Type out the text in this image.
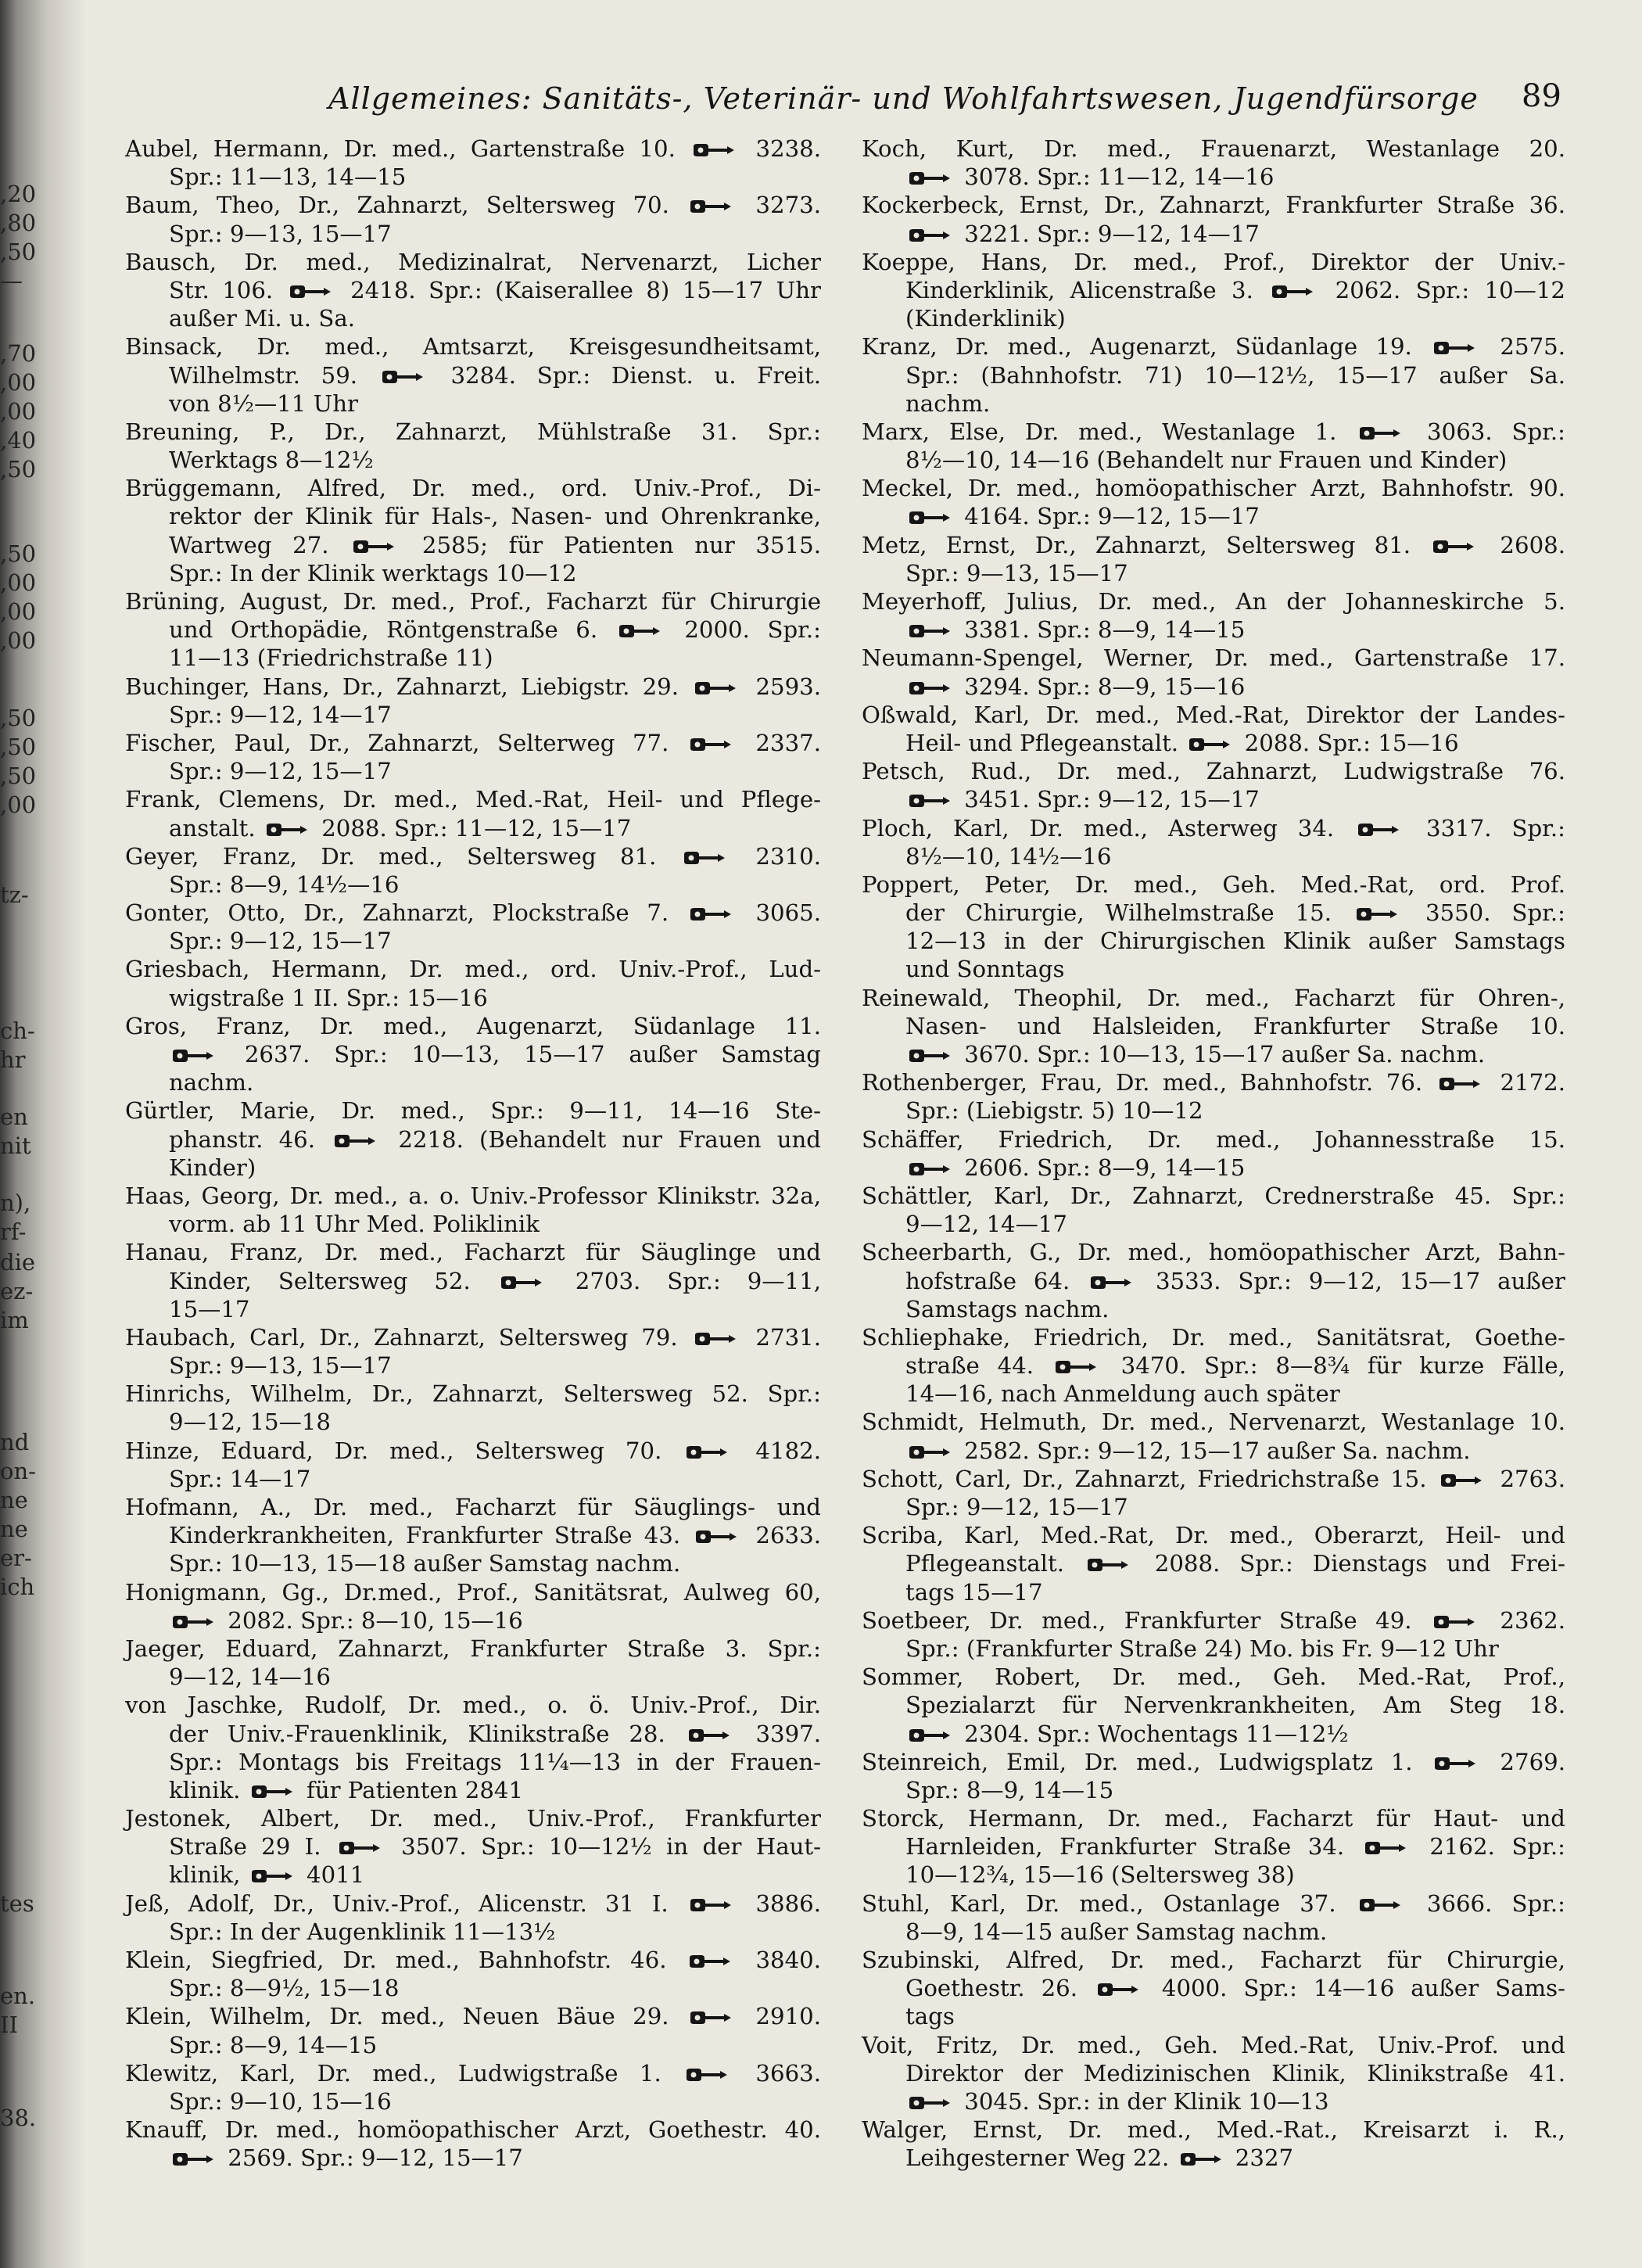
,20
,80
,50
—
,70
,00
,00
,40
,50
,50
,00
,00
,00
,50
,50
,50
,00
tz-
ch-
hr
en
nit
n),
rf-
die
ez-
im
nd
on-
ne
ne
er-
ich
tes
en.
II
38.
Allgemeines: Sanitäts-, Veterinär- und Wohlfahrtswesen, Jugendfürsorge 89
Aubel, Hermann, Dr. med., Gartenstraße 10.  3238.
Spr.: 11—13, 14—15
Baum, Theo, Dr., Zahnarzt, Seltersweg 70.  3273.
Spr.: 9—13, 15—17
Bausch, Dr. med., Medizinalrat, Nervenarzt, Licher
Str. 106.  2418. Spr.: (Kaiserallee 8) 15—17 Uhr
außer Mi. u. Sa.
Binsack, Dr. med., Amtsarzt, Kreisgesundheitsamt,
Wilhelmstr. 59.  3284. Spr.: Dienst. u. Freit.
von 8½—11 Uhr
Breuning, P., Dr., Zahnarzt, Mühlstraße 31. Spr.:
Werktags 8—12½
Brüggemann, Alfred, Dr. med., ord. Univ.-Prof., Di-
rektor der Klinik für Hals-, Nasen- und Ohrenkranke,
Wartweg 27.  2585; für Patienten nur 3515.
Spr.: In der Klinik werktags 10—12
Brüning, August, Dr. med., Prof., Facharzt für Chirurgie
und Orthopädie, Röntgenstraße 6.  2000. Spr.:
11—13 (Friedrichstraße 11)
Buchinger, Hans, Dr., Zahnarzt, Liebigstr. 29.  2593.
Spr.: 9—12, 14—17
Fischer, Paul, Dr., Zahnarzt, Selterweg 77.  2337.
Spr.: 9—12, 15—17
Frank, Clemens, Dr. med., Med.-Rat, Heil- und Pflege-
anstalt.  2088. Spr.: 11—12, 15—17
Geyer, Franz, Dr. med., Seltersweg 81.  2310.
Spr.: 8—9, 14½—16
Gonter, Otto, Dr., Zahnarzt, Plockstraße 7.  3065.
Spr.: 9—12, 15—17
Griesbach, Hermann, Dr. med., ord. Univ.-Prof., Lud-
wigstraße 1 II. Spr.: 15—16
Gros, Franz, Dr. med., Augenarzt, Südanlage 11.
2637. Spr.: 10—13, 15—17 außer Samstag
nachm.
Gürtler, Marie, Dr. med., Spr.: 9—11, 14—16 Ste-
phanstr. 46.  2218. (Behandelt nur Frauen und
Kinder)
Haas, Georg, Dr. med., a. o. Univ.-Professor Klinikstr. 32a,
vorm. ab 11 Uhr Med. Poliklinik
Hanau, Franz, Dr. med., Facharzt für Säuglinge und
Kinder, Seltersweg 52.  2703. Spr.: 9—11,
15—17
Haubach, Carl, Dr., Zahnarzt, Seltersweg 79.  2731.
Spr.: 9—13, 15—17
Hinrichs, Wilhelm, Dr., Zahnarzt, Seltersweg 52. Spr.:
9—12, 15—18
Hinze, Eduard, Dr. med., Seltersweg 70.  4182.
Spr.: 14—17
Hofmann, A., Dr. med., Facharzt für Säuglings- und
Kinderkrankheiten, Frankfurter Straße 43.  2633.
Spr.: 10—13, 15—18 außer Samstag nachm.
Honigmann, Gg., Dr.med., Prof., Sanitätsrat, Aulweg 60,
2082. Spr.: 8—10, 15—16
Jaeger, Eduard, Zahnarzt, Frankfurter Straße 3. Spr.:
9—12, 14—16
von Jaschke, Rudolf, Dr. med., o. ö. Univ.-Prof., Dir.
der Univ.-Frauenklinik, Klinikstraße 28.  3397.
Spr.: Montags bis Freitags 11¼—13 in der Frauen-
klinik.  für Patienten 2841
Jestonek, Albert, Dr. med., Univ.-Prof., Frankfurter
Straße 29 I.  3507. Spr.: 10—12½ in der Haut-
klinik,  4011
Jeß, Adolf, Dr., Univ.-Prof., Alicenstr. 31 I.  3886.
Spr.: In der Augenklinik 11—13½
Klein, Siegfried, Dr. med., Bahnhofstr. 46.  3840.
Spr.: 8—9½, 15—18
Klein, Wilhelm, Dr. med., Neuen Bäue 29.  2910.
Spr.: 8—9, 14—15
Klewitz, Karl, Dr. med., Ludwigstraße 1.  3663.
Spr.: 9—10, 15—16
Knauff, Dr. med., homöopathischer Arzt, Goethestr. 40.
2569. Spr.: 9—12, 15—17
Koch, Kurt, Dr. med., Frauenarzt, Westanlage 20.
3078. Spr.: 11—12, 14—16
Kockerbeck, Ernst, Dr., Zahnarzt, Frankfurter Straße 36.
3221. Spr.: 9—12, 14—17
Koeppe, Hans, Dr. med., Prof., Direktor der Univ.-
Kinderklinik, Alicenstraße 3.  2062. Spr.: 10—12
(Kinderklinik)
Kranz, Dr. med., Augenarzt, Südanlage 19.  2575.
Spr.: (Bahnhofstr. 71) 10—12½, 15—17 außer Sa.
nachm.
Marx, Else, Dr. med., Westanlage 1.  3063. Spr.:
8½—10, 14—16 (Behandelt nur Frauen und Kinder)
Meckel, Dr. med., homöopathischer Arzt, Bahnhofstr. 90.
4164. Spr.: 9—12, 15—17
Metz, Ernst, Dr., Zahnarzt, Seltersweg 81.  2608.
Spr.: 9—13, 15—17
Meyerhoff, Julius, Dr. med., An der Johanneskirche 5.
3381. Spr.: 8—9, 14—15
Neumann-Spengel, Werner, Dr. med., Gartenstraße 17.
3294. Spr.: 8—9, 15—16
Oßwald, Karl, Dr. med., Med.-Rat, Direktor der Landes-
Heil- und Pflegeanstalt.  2088. Spr.: 15—16
Petsch, Rud., Dr. med., Zahnarzt, Ludwigstraße 76.
3451. Spr.: 9—12, 15—17
Ploch, Karl, Dr. med., Asterweg 34.  3317. Spr.:
8½—10, 14½—16
Poppert, Peter, Dr. med., Geh. Med.-Rat, ord. Prof.
der Chirurgie, Wilhelmstraße 15.  3550. Spr.:
12—13 in der Chirurgischen Klinik außer Samstags
und Sonntags
Reinewald, Theophil, Dr. med., Facharzt für Ohren-,
Nasen- und Halsleiden, Frankfurter Straße 10.
3670. Spr.: 10—13, 15—17 außer Sa. nachm.
Rothenberger, Frau, Dr. med., Bahnhofstr. 76.  2172.
Spr.: (Liebigstr. 5) 10—12
Schäffer, Friedrich, Dr. med., Johannesstraße 15.
2606. Spr.: 8—9, 14—15
Schättler, Karl, Dr., Zahnarzt, Crednerstraße 45. Spr.:
9—12, 14—17
Scheerbarth, G., Dr. med., homöopathischer Arzt, Bahn-
hofstraße 64.  3533. Spr.: 9—12, 15—17 außer
Samstags nachm.
Schliephake, Friedrich, Dr. med., Sanitätsrat, Goethe-
straße 44.  3470. Spr.: 8—8¾ für kurze Fälle,
14—16, nach Anmeldung auch später
Schmidt, Helmuth, Dr. med., Nervenarzt, Westanlage 10.
2582. Spr.: 9—12, 15—17 außer Sa. nachm.
Schott, Carl, Dr., Zahnarzt, Friedrichstraße 15.  2763.
Spr.: 9—12, 15—17
Scriba, Karl, Med.-Rat, Dr. med., Oberarzt, Heil- und
Pflegeanstalt.  2088. Spr.: Dienstags und Frei-
tags 15—17
Soetbeer, Dr. med., Frankfurter Straße 49.  2362.
Spr.: (Frankfurter Straße 24) Mo. bis Fr. 9—12 Uhr
Sommer, Robert, Dr. med., Geh. Med.-Rat, Prof.,
Spezialarzt für Nervenkrankheiten, Am Steg 18.
2304. Spr.: Wochentags 11—12½
Steinreich, Emil, Dr. med., Ludwigsplatz 1.  2769.
Spr.: 8—9, 14—15
Storck, Hermann, Dr. med., Facharzt für Haut- und
Harnleiden, Frankfurter Straße 34.  2162. Spr.:
10—12¾, 15—16 (Seltersweg 38)
Stuhl, Karl, Dr. med., Ostanlage 37.  3666. Spr.:
8—9, 14—15 außer Samstag nachm.
Szubinski, Alfred, Dr. med., Facharzt für Chirurgie,
Goethestr. 26.  4000. Spr.: 14—16 außer Sams-
tags
Voit, Fritz, Dr. med., Geh. Med.-Rat, Univ.-Prof. und
Direktor der Medizinischen Klinik, Klinikstraße 41.
3045. Spr.: in der Klinik 10—13
Walger, Ernst, Dr. med., Med.-Rat., Kreisarzt i. R.,
Leihgesterner Weg 22.  2327
